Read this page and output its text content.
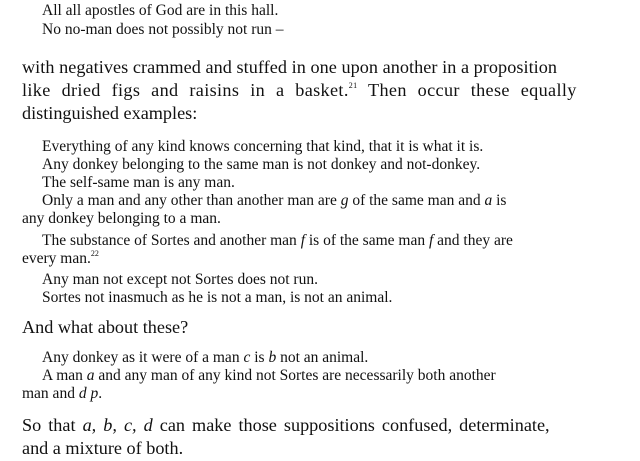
All all apostles of God are in this hall.
No no-man does not possibly not run –
with negatives crammed and stuffed in one upon another in a proposition
like dried figs and raisins in a basket.$^{21}$ Then occur these equally
distinguished examples:
Everything of any kind knows concerning that kind, that it is what it is.
Any donkey belonging to the same man is not donkey and not-donkey.
The self-same man is any man.
Only a man and any other than another man are g of the same man and a is
any donkey belonging to a man.
The substance of Sortes and another man f is of the same man f and they are
every man.$^{22}$
Any man not except not Sortes does not run.
Sortes not inasmuch as he is not a man, is not an animal.
And what about these?
Any donkey as it were of a man c is b not an animal.
A man a and any man of any kind not Sortes are necessarily both another
man and d p.
So that a, b, c, d can make those suppositions confused, determinate,
and a mixture of both.
